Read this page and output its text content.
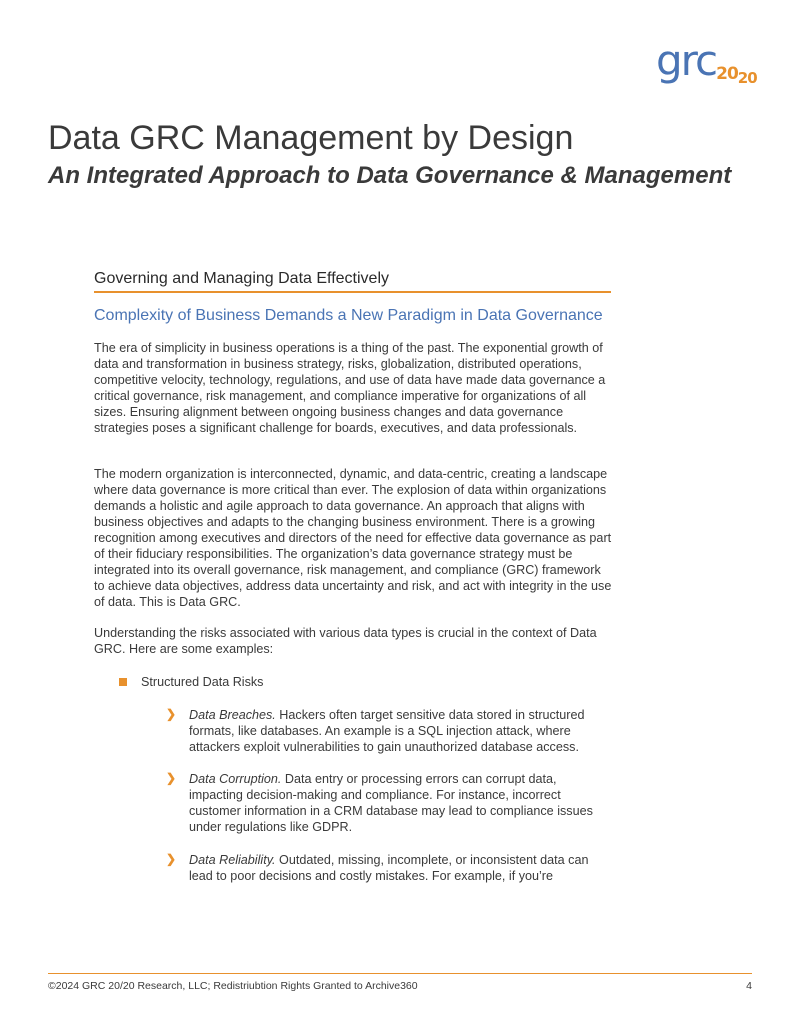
grc2020
Data GRC Management by Design
An Integrated Approach to Data Governance & Management
Governing and Managing Data Effectively
Complexity of Business Demands a New Paradigm in Data Governance

The era of simplicity in business operations is a thing of the past. The exponential growth of data and transformation in business strategy, risks, globalization, distributed operations, competitive velocity, technology, regulations, and use of data have made data governance a critical governance, risk management, and compliance imperative for organizations of all sizes. Ensuring alignment between ongoing business changes and data governance strategies poses a significant challenge for boards, executives, and data professionals.

The modern organization is interconnected, dynamic, and data-centric, creating a landscape where data governance is more critical than ever. The explosion of data within organizations demands a holistic and agile approach to data governance. An approach that aligns with business objectives and adapts to the changing business environment. There is a growing recognition among executives and directors of the need for effective data governance as part of their fiduciary responsibilities. The organization’s data governance strategy must be integrated into its overall governance, risk management, and compliance (GRC) framework to achieve data objectives, address data uncertainty and risk, and act with integrity in the use of data. This is Data GRC.

Understanding the risks associated with various data types is crucial in the context of Data GRC. Here are some examples:

Structured Data Risks
❯ Data Breaches. Hackers often target sensitive data stored in structured formats, like databases. An example is a SQL injection attack, where attackers exploit vulnerabilities to gain unauthorized database access.
❯ Data Corruption. Data entry or processing errors can corrupt data, impacting decision-making and compliance. For instance, incorrect customer information in a CRM database may lead to compliance issues under regulations like GDPR.
❯ Data Reliability. Outdated, missing, incomplete, or inconsistent data can lead to poor decisions and costly mistakes. For example, if you’re
©2024 GRC 20/20 Research, LLC; Redistriubtion Rights Granted to Archive360	4
